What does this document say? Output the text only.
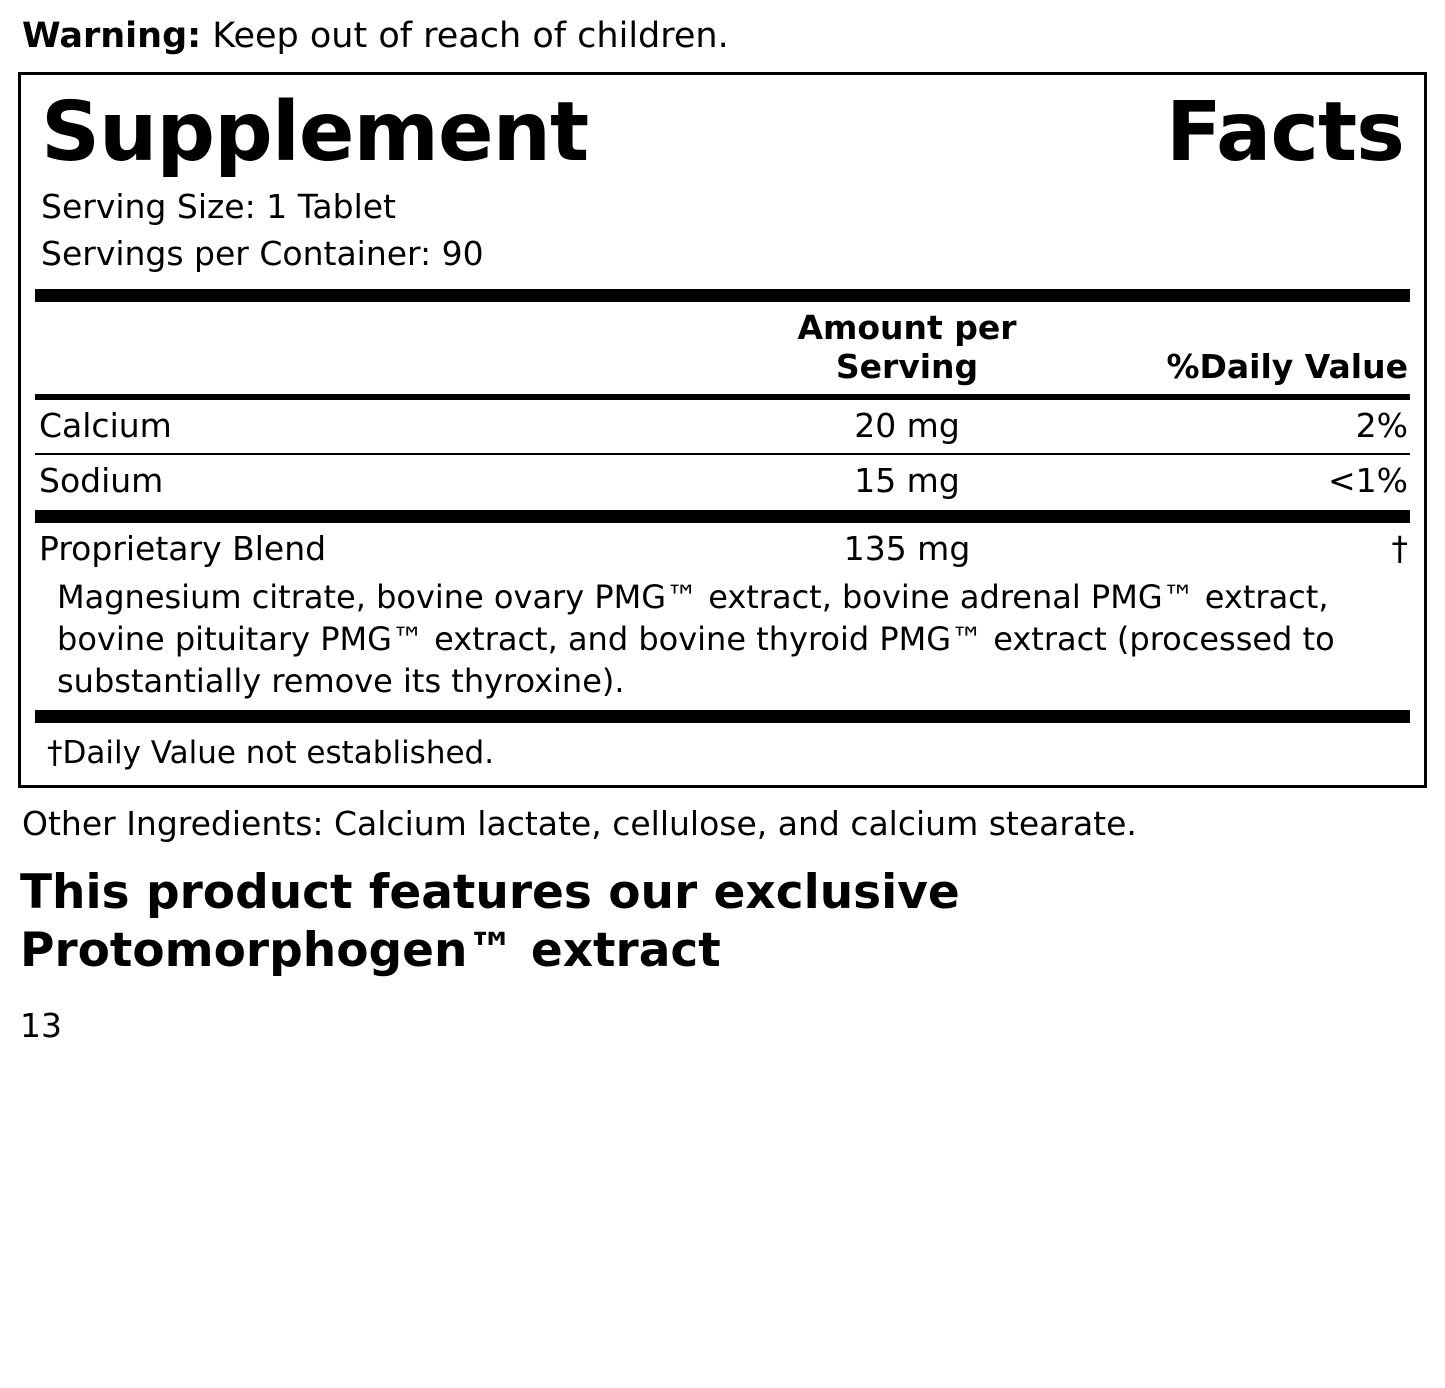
Warning: Keep out of reach of children.
Supplement	Facts
Serving Size: 1 Tablet
Servings per Container: 90
	Amount per Serving	%Daily Value
Calcium	20 mg	2%
Sodium	15 mg	<1%
Proprietary Blend	135 mg	†
Magnesium citrate, bovine ovary PMG™ extract, bovine adrenal PMG™ extract, bovine pituitary PMG™ extract, and bovine thyroid PMG™ extract (processed to substantially remove its thyroxine).
†Daily Value not established.
Other Ingredients: Calcium lactate, cellulose, and calcium stearate.
This product features our exclusive
Protomorphogen™ extract
13
